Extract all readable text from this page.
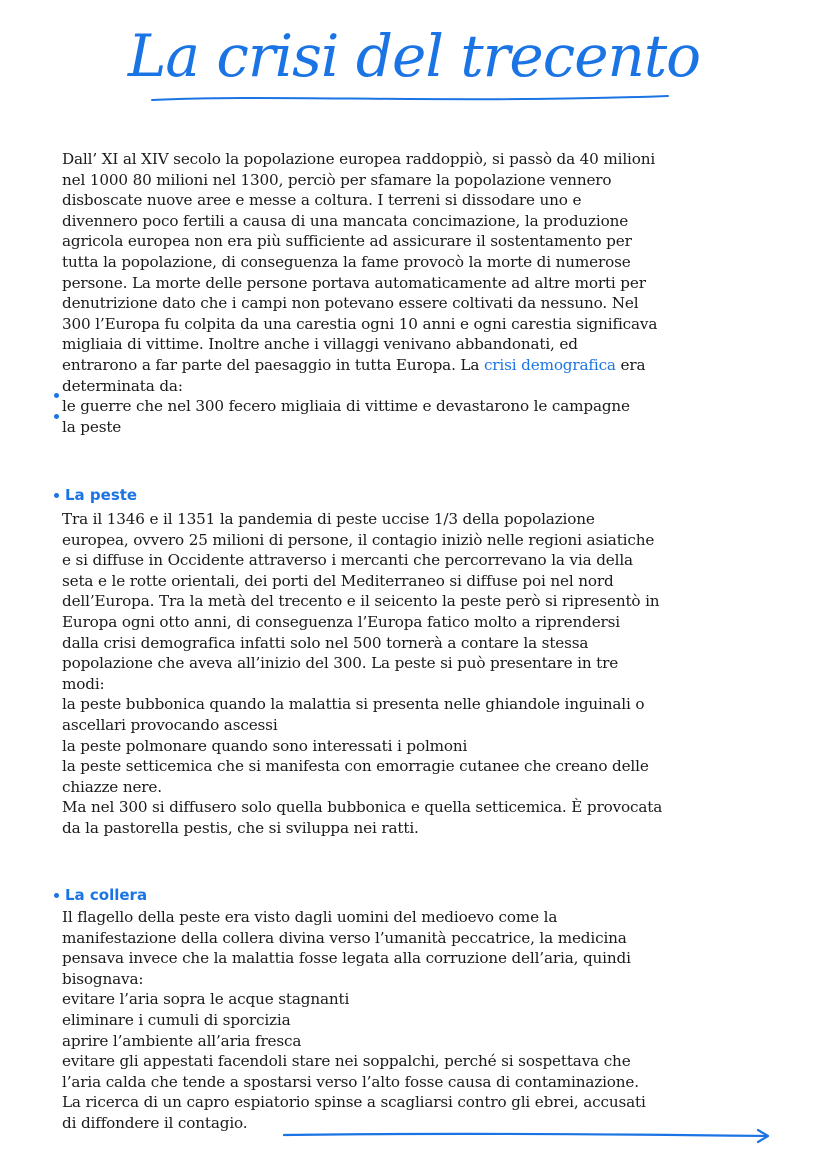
La crisi del trecento
Dall’ XI al XIV secolo la popolazione europea raddoppiò, si passò da 40 milioni
nel 1000 80 milioni nel 1300, perciò per sfamare la popolazione vennero
disboscate nuove aree e messe a coltura. I terreni si dissodare uno e
divennero poco fertili a causa di una mancata concimazione, la produzione
agricola europea non era più sufficiente ad assicurare il sostentamento per
tutta la popolazione, di conseguenza la fame provocò la morte di numerose
persone. La morte delle persone portava automaticamente ad altre morti per
denutrizione dato che i campi non potevano essere coltivati da nessuno. Nel
300 l’Europa fu colpita da una carestia ogni 10 anni e ogni carestia significava
migliaia di vittime. Inoltre anche i villaggi venivano abbandonati, ed
entrarono a far parte del paesaggio in tutta Europa. La crisi demografica era
determinata da:
le guerre che nel 300 fecero migliaia di vittime e devastarono le campagne
la peste
La peste
Tra il 1346 e il 1351 la pandemia di peste uccise 1/3 della popolazione
europea, ovvero 25 milioni di persone, il contagio iniziò nelle regioni asiatiche
e si diffuse in Occidente attraverso i mercanti che percorrevano la via della
seta e le rotte orientali, dei porti del Mediterraneo si diffuse poi nel nord
dell’Europa. Tra la metà del trecento e il seicento la peste però si ripresentò in
Europa ogni otto anni, di conseguenza l’Europa fatico molto a riprendersi
dalla crisi demografica infatti solo nel 500 tornerà a contare la stessa
popolazione che aveva all’inizio del 300. La peste si può presentare in tre
modi:
la peste bubbonica quando la malattia si presenta nelle ghiandole inguinali o
ascellari provocando ascessi
la peste polmonare quando sono interessati i polmoni
la peste setticemica che si manifesta con emorragie cutanee che creano delle
chiazze nere.
Ma nel 300 si diffusero solo quella bubbonica e quella setticemica. È provocata
da la pastorella pestis, che si sviluppa nei ratti.
La collera
Il flagello della peste era visto dagli uomini del medioevo come la
manifestazione della collera divina verso l’umanità peccatrice, la medicina
pensava invece che la malattia fosse legata alla corruzione dell’aria, quindi
bisognava:
evitare l’aria sopra le acque stagnanti
eliminare i cumuli di sporcizia
aprire l’ambiente all’aria fresca
evitare gli appestati facendoli stare nei soppalchi, perché si sospettava che
l’aria calda che tende a spostarsi verso l’alto fosse causa di contaminazione.
La ricerca di un capro espiatorio spinse a scagliarsi contro gli ebrei, accusati
di diffondere il contagio.
